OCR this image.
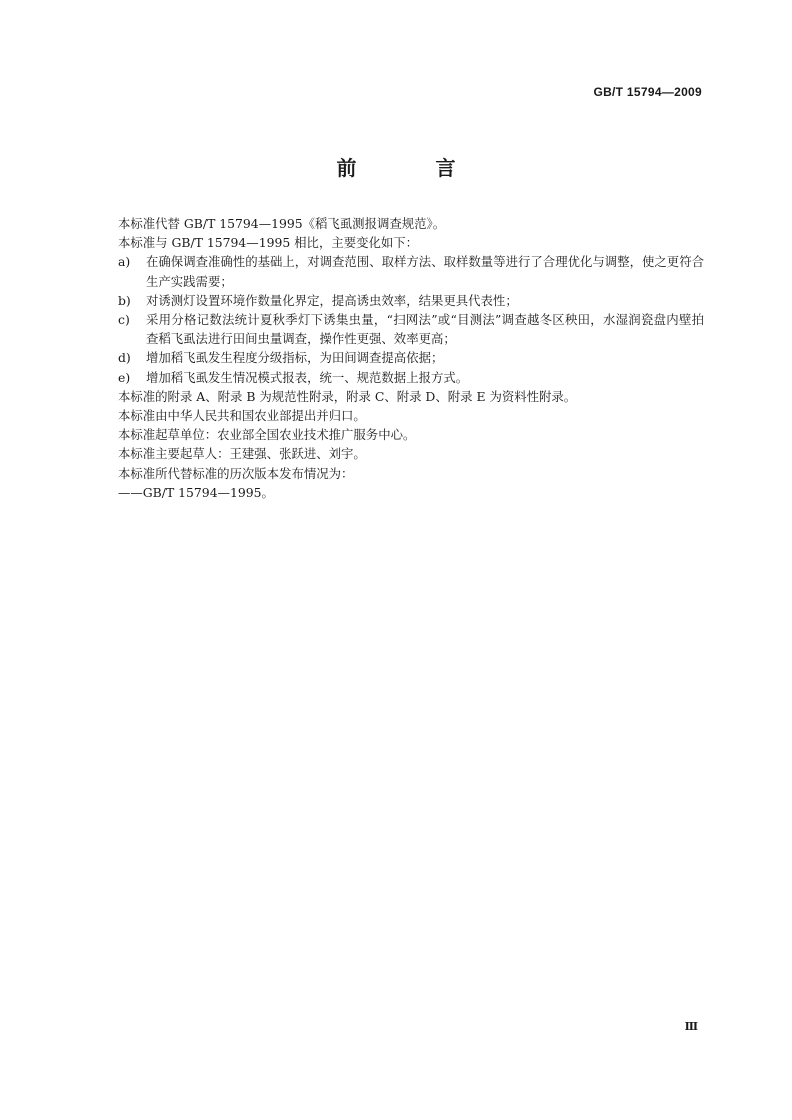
GB/T 15794—2009
前 言

本标准代替 GB/T 15794—1995《稻飞虱测报调查规范》。

本标准与 GB/T 15794—1995 相比，主要变化如下：

a)	在确保调查准确性的基础上，对调查范围、取样方法、取样数量等进行了合理优化与调整，使之更符合生产实践需要；
b)	对诱测灯设置环境作数量化界定，提高诱虫效率，结果更具代表性；
c)	采用分格记数法统计夏秋季灯下诱集虫量，“扫网法”或“目测法”调查越冬区秧田，水湿润瓷盘内壁拍查稻飞虱法进行田间虫量调查，操作性更强、效率更高；
d)	增加稻飞虱发生程度分级指标，为田间调查提高依据；
e)	增加稻飞虱发生情况模式报表，统一、规范数据上报方式。

本标准的附录 A、附录 B 为规范性附录，附录 C、附录 D、附录 E 为资料性附录。

本标准由中华人民共和国农业部提出并归口。

本标准起草单位：农业部全国农业技术推广服务中心。

本标准主要起草人：王建强、张跃进、刘宇。

本标准所代替标准的历次版本发布情况为：

——GB/T 15794—1995。

Ⅲ
